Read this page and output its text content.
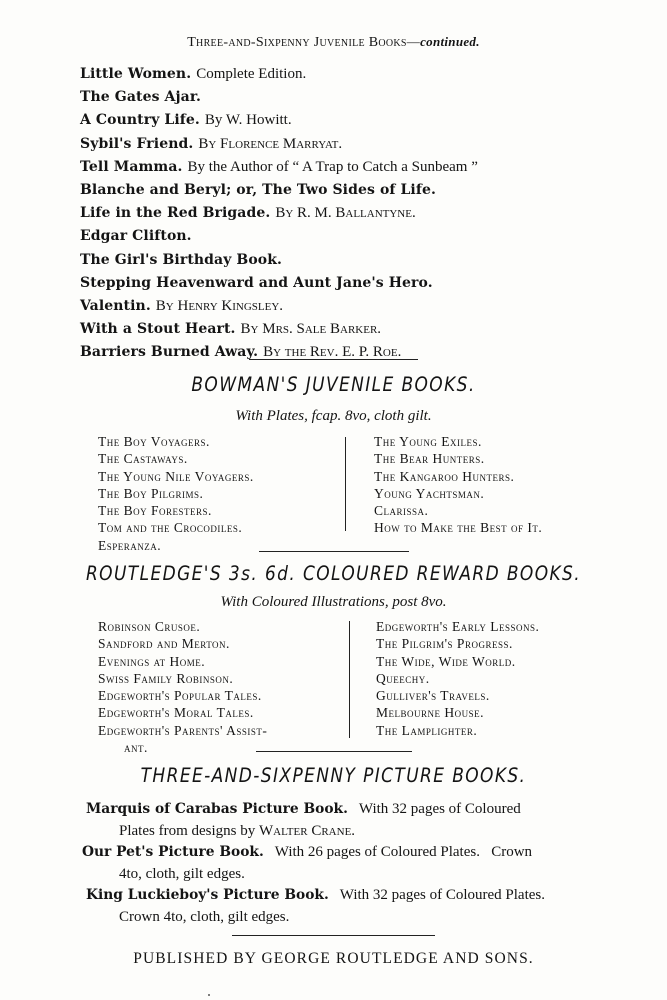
Three-and-Sixpenny Juvenile Books—continued.
Little Women. Complete Edition.
The Gates Ajar.
A Country Life. By W. Howitt.
Sybil's Friend. By Florence Marryat.
Tell Mamma. By the Author of “ A Trap to Catch a Sunbeam ”
Blanche and Beryl; or, The Two Sides of Life.
Life in the Red Brigade. By R. M. Ballantyne.
Edgar Clifton.
The Girl's Birthday Book.
Stepping Heavenward and Aunt Jane's Hero.
Valentin. By Henry Kingsley.
With a Stout Heart. By Mrs. Sale Barker.
Barriers Burned Away. By the Rev. E. P. Roe.
BOWMAN'S JUVENILE BOOKS.
With Plates, fcap. 8vo, cloth gilt.
The Boy Voyagers.
The Castaways.
The Young Nile Voyagers.
The Boy Pilgrims.
The Boy Foresters.
Tom and the Crocodiles.
Esperanza.
The Young Exiles.
The Bear Hunters.
The Kangaroo Hunters.
Young Yachtsman.
Clarissa.
How to Make the Best of It.
ROUTLEDGE'S 3s. 6d. COLOURED REWARD BOOKS.
With Coloured Illustrations, post 8vo.
Robinson Crusoe.
Sandford and Merton.
Evenings at Home.
Swiss Family Robinson.
Edgeworth's Popular Tales.
Edgeworth's Moral Tales.
Edgeworth's Parents' Assist-
ant.
Edgeworth's Early Lessons.
The Pilgrim's Progress.
The Wide, Wide World.
Queechy.
Gulliver's Travels.
Melbourne House.
The Lamplighter.
THREE-AND-SIXPENNY PICTURE BOOKS.
Marquis of Carabas Picture Book. With 32 pages of Coloured
Plates from designs by Walter Crane.
Our Pet's Picture Book. With 26 pages of Coloured Plates. Crown
4to, cloth, gilt edges.
King Luckieboy's Picture Book. With 32 pages of Coloured Plates.
Crown 4to, cloth, gilt edges.
PUBLISHED BY GEORGE ROUTLEDGE AND SONS.
